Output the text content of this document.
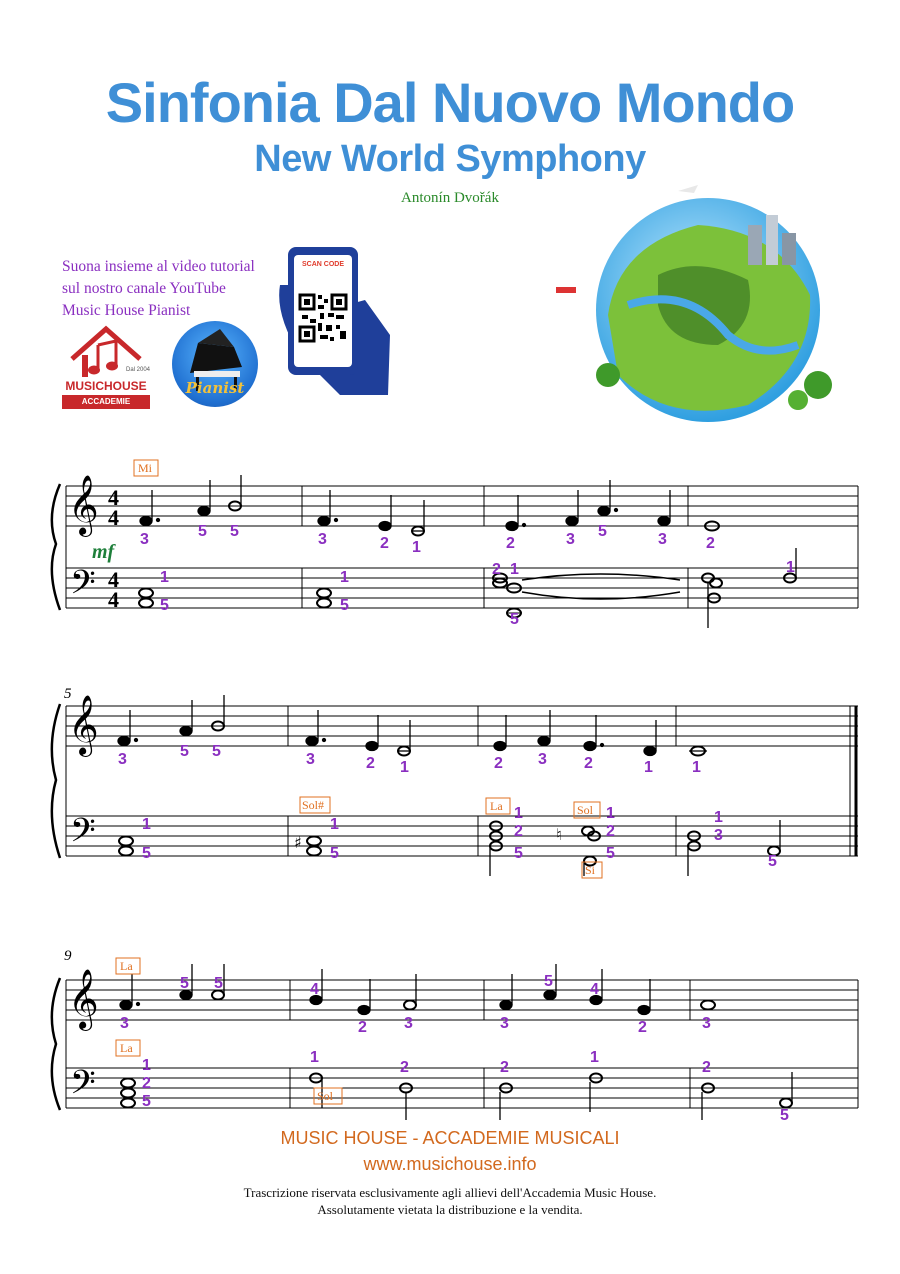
Sinfonia Dal Nuovo Mondo
New World Symphony
Antonín Dvořák
Suona insieme al video tutorial
sul nostro canale YouTube
Music House Pianist
Dal 2004
MUSICHOUSE
ACCADEMIE MUSICALI
Pianist
SCAN CODE
𝄞
𝄢
𝄞
𝄢
𝄞
𝄢
4
4
4
4
5
9
mf
♯	♮
Mi
Sol#	La	Sol
Si
La
La
Sol
3	5 5	3	2 1	2	3 5	3 2
1
5
1
5
2 1
5
1
3	5 5	3	2 1	2 3 2	1 1
1
5
1
5
1
2
5
1
2
5
1
3
5
5 5
3
4
2 3
5 4
3	2	3
1
2
5
1
2	2
1
2
5
MUSIC HOUSE - ACCADEMIE MUSICALI
www.musichouse.info
Trascrizione riservata esclusivamente agli allievi dell'Accademia Music House.
Assolutamente vietata la distribuzione e la vendita.
